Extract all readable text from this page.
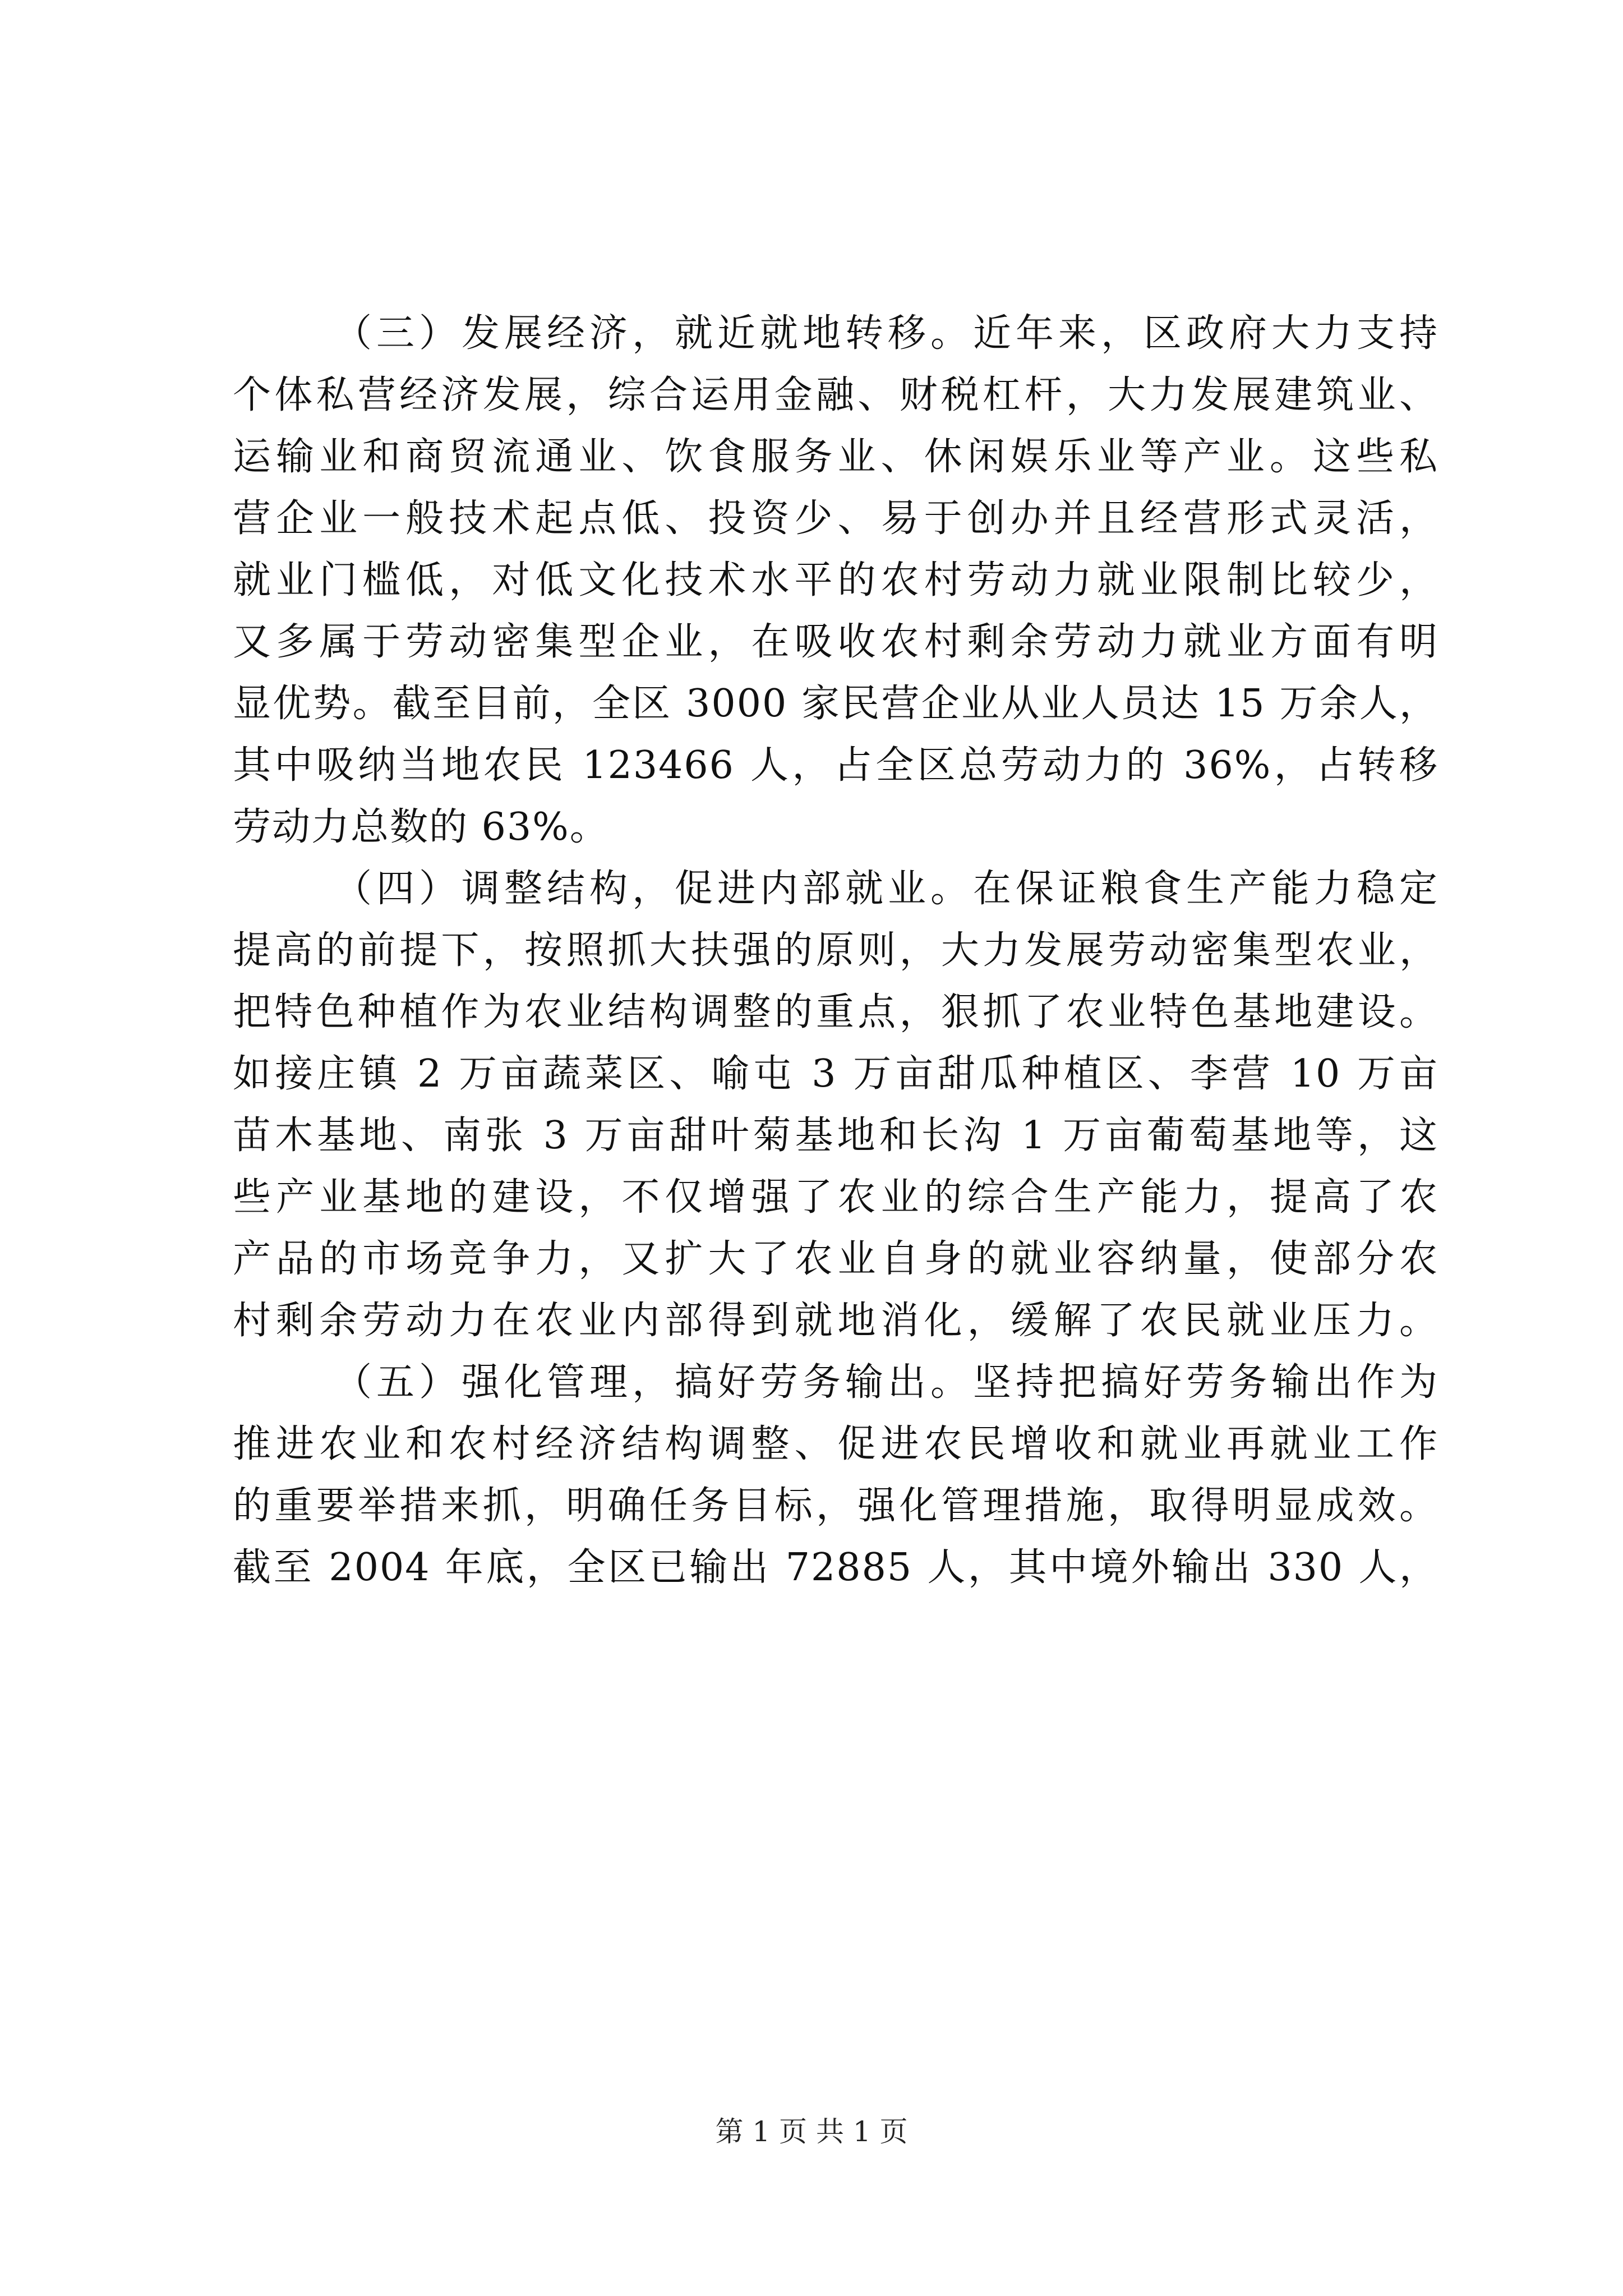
（三）发展经济，就近就地转移。近年来，区政府大力支持
个体私营经济发展，综合运用金融、财税杠杆，大力发展建筑业、
运输业和商贸流通业、饮食服务业、休闲娱乐业等产业。这些私
营企业一般技术起点低、投资少、易于创办并且经营形式灵活，
就业门槛低，对低文化技术水平的农村劳动力就业限制比较少，
又多属于劳动密集型企业，在吸收农村剩余劳动力就业方面有明
显优势。截至目前，全区 3000 家民营企业从业人员达 15 万余人，
其中吸纳当地农民 123466 人，占全区总劳动力的 36%，占转移
劳动力总数的 63%。
（四）调整结构，促进内部就业。在保证粮食生产能力稳定
提高的前提下，按照抓大扶强的原则，大力发展劳动密集型农业，
把特色种植作为农业结构调整的重点，狠抓了农业特色基地建设。
如接庄镇 2 万亩蔬菜区、喻屯 3 万亩甜瓜种植区、李营 10 万亩
苗木基地、南张 3 万亩甜叶菊基地和长沟 1 万亩葡萄基地等，这
些产业基地的建设，不仅增强了农业的综合生产能力，提高了农
产品的市场竞争力，又扩大了农业自身的就业容纳量，使部分农
村剩余劳动力在农业内部得到就地消化，缓解了农民就业压力。
（五）强化管理，搞好劳务输出。坚持把搞好劳务输出作为
推进农业和农村经济结构调整、促进农民增收和就业再就业工作
的重要举措来抓，明确任务目标，强化管理措施，取得明显成效。
截至 2004 年底，全区已输出 72885 人，其中境外输出 330 人，
第 1 页 共 1 页
